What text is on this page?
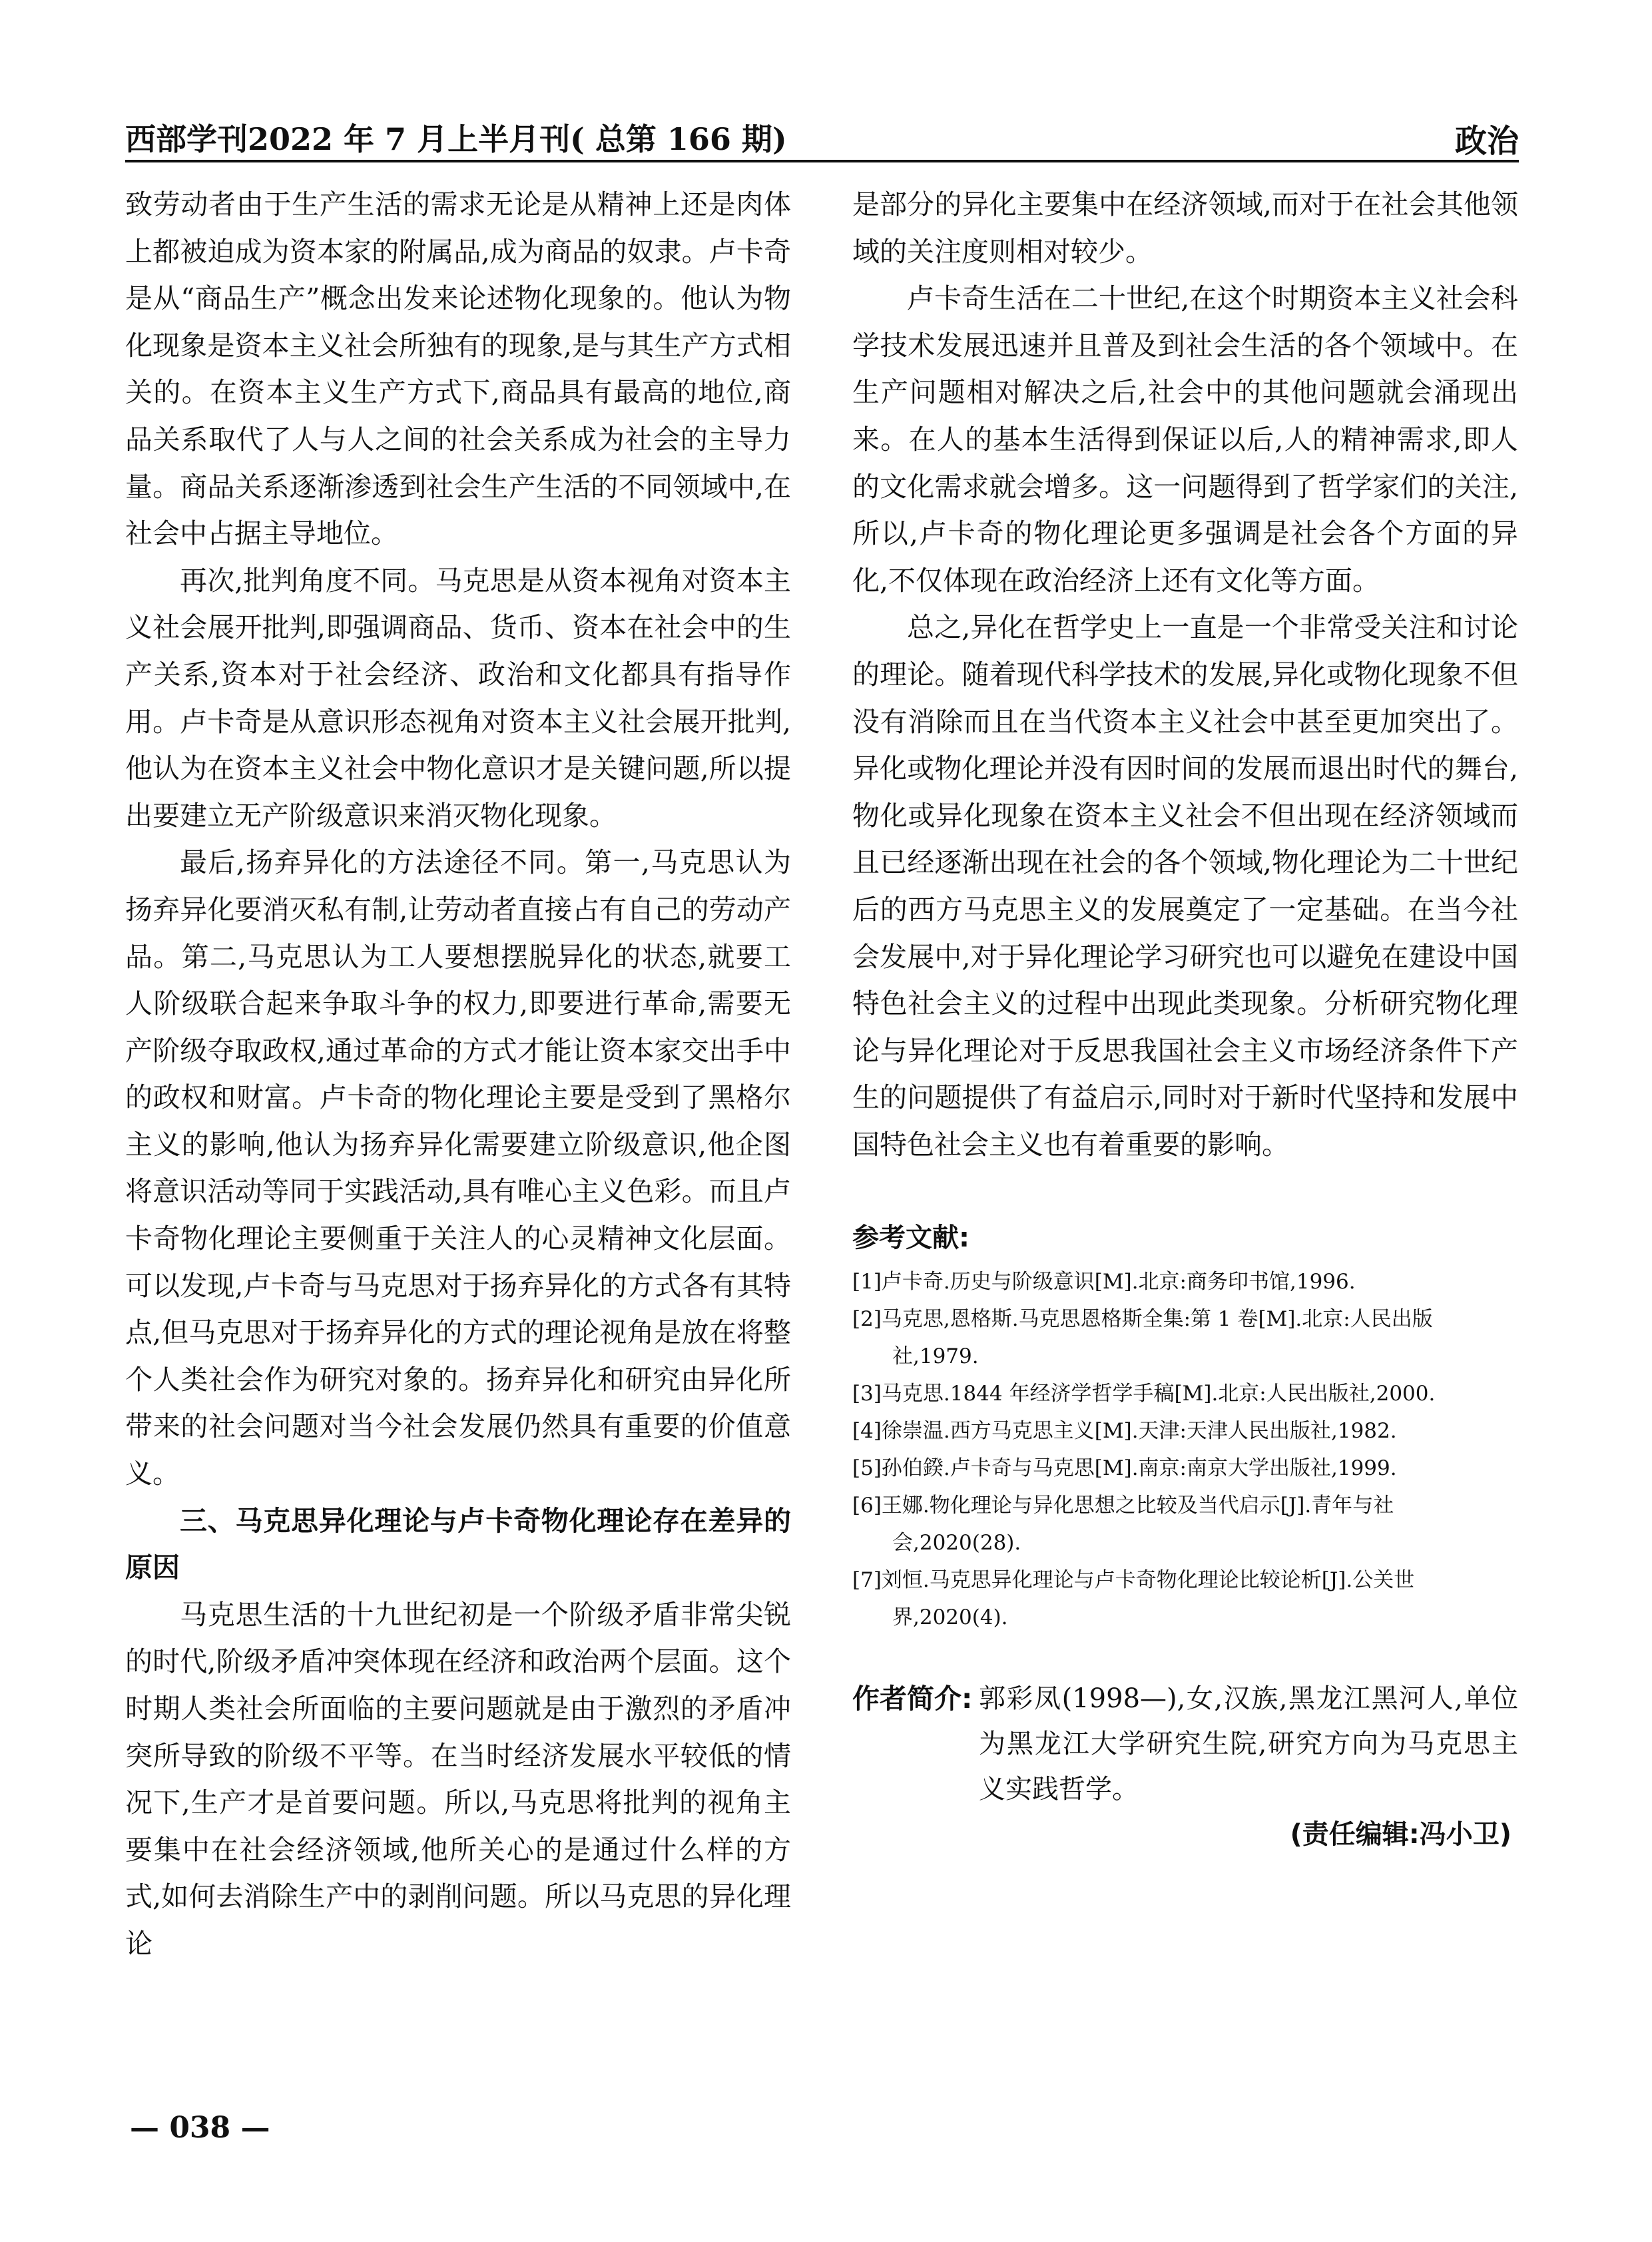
西部学刊2022 年 7 月上半月刊( 总第 166 期)	政治

致劳动者由于生产生活的需求无论是从精神上还是肉体上都被迫成为资本家的附属品,成为商品的奴隶。卢卡奇是从“商品生产”概念出发来论述物化现象的。他认为物化现象是资本主义社会所独有的现象,是与其生产方式相关的。在资本主义生产方式下,商品具有最高的地位,商品关系取代了人与人之间的社会关系成为社会的主导力量。商品关系逐渐渗透到社会生产生活的不同领域中,在社会中占据主导地位。

再次,批判角度不同。马克思是从资本视角对资本主义社会展开批判,即强调商品、货币、资本在社会中的生产关系,资本对于社会经济、政治和文化都具有指导作用。卢卡奇是从意识形态视角对资本主义社会展开批判,他认为在资本主义社会中物化意识才是关键问题,所以提出要建立无产阶级意识来消灭物化现象。

最后,扬弃异化的方法途径不同。第一,马克思认为扬弃异化要消灭私有制,让劳动者直接占有自己的劳动产品。第二,马克思认为工人要想摆脱异化的状态,就要工人阶级联合起来争取斗争的权力,即要进行革命,需要无产阶级夺取政权,通过革命的方式才能让资本家交出手中的政权和财富。卢卡奇的物化理论主要是受到了黑格尔主义的影响,他认为扬弃异化需要建立阶级意识,他企图将意识活动等同于实践活动,具有唯心主义色彩。而且卢卡奇物化理论主要侧重于关注人的心灵精神文化层面。可以发现,卢卡奇与马克思对于扬弃异化的方式各有其特点,但马克思对于扬弃异化的方式的理论视角是放在将整个人类社会作为研究对象的。扬弃异化和研究由异化所带来的社会问题对当今社会发展仍然具有重要的价值意义。

三、马克思异化理论与卢卡奇物化理论存在差异的原因

马克思生活的十九世纪初是一个阶级矛盾非常尖锐的时代,阶级矛盾冲突体现在经济和政治两个层面。这个时期人类社会所面临的主要问题就是由于激烈的矛盾冲突所导致的阶级不平等。在当时经济发展水平较低的情况下,生产才是首要问题。所以,马克思将批判的视角主要集中在社会经济领域,他所关心的是通过什么样的方式,如何去消除生产中的剥削问题。所以马克思的异化理论

是部分的异化主要集中在经济领域,而对于在社会其他领域的关注度则相对较少。

卢卡奇生活在二十世纪,在这个时期资本主义社会科学技术发展迅速并且普及到社会生活的各个领域中。在生产问题相对解决之后,社会中的其他问题就会涌现出来。在人的基本生活得到保证以后,人的精神需求,即人的文化需求就会增多。这一问题得到了哲学家们的关注,所以,卢卡奇的物化理论更多强调是社会各个方面的异化,不仅体现在政治经济上还有文化等方面。

总之,异化在哲学史上一直是一个非常受关注和讨论的理论。随着现代科学技术的发展,异化或物化现象不但没有消除而且在当代资本主义社会中甚至更加突出了。异化或物化理论并没有因时间的发展而退出时代的舞台,物化或异化现象在资本主义社会不但出现在经济领域而且已经逐渐出现在社会的各个领域,物化理论为二十世纪后的西方马克思主义的发展奠定了一定基础。在当今社会发展中,对于异化理论学习研究也可以避免在建设中国特色社会主义的过程中出现此类现象。分析研究物化理论与异化理论对于反思我国社会主义市场经济条件下产生的问题提供了有益启示,同时对于新时代坚持和发展中国特色社会主义也有着重要的影响。

参考文献:
[1]卢卡奇.历史与阶级意识[M].北京:商务印书馆,1996.
[2]马克思,恩格斯.马克思恩格斯全集:第 1 卷[M].北京:人民出版社,1979.
[3]马克思.1844 年经济学哲学手稿[M].北京:人民出版社,2000.
[4]徐崇温.西方马克思主义[M].天津:天津人民出版社,1982.
[5]孙伯鍨.卢卡奇与马克思[M].南京:南京大学出版社,1999.
[6]王娜.物化理论与异化思想之比较及当代启示[J].青年与社会,2020(28).
[7]刘恒.马克思异化理论与卢卡奇物化理论比较论析[J].公关世界,2020(4).
作者简介: 郭彩凤(1998—),女,汉族,黑龙江黑河人,单位为黑龙江大学研究生院,研究方向为马克思主义实践哲学。
(责任编辑:冯小卫)
— 038 —
